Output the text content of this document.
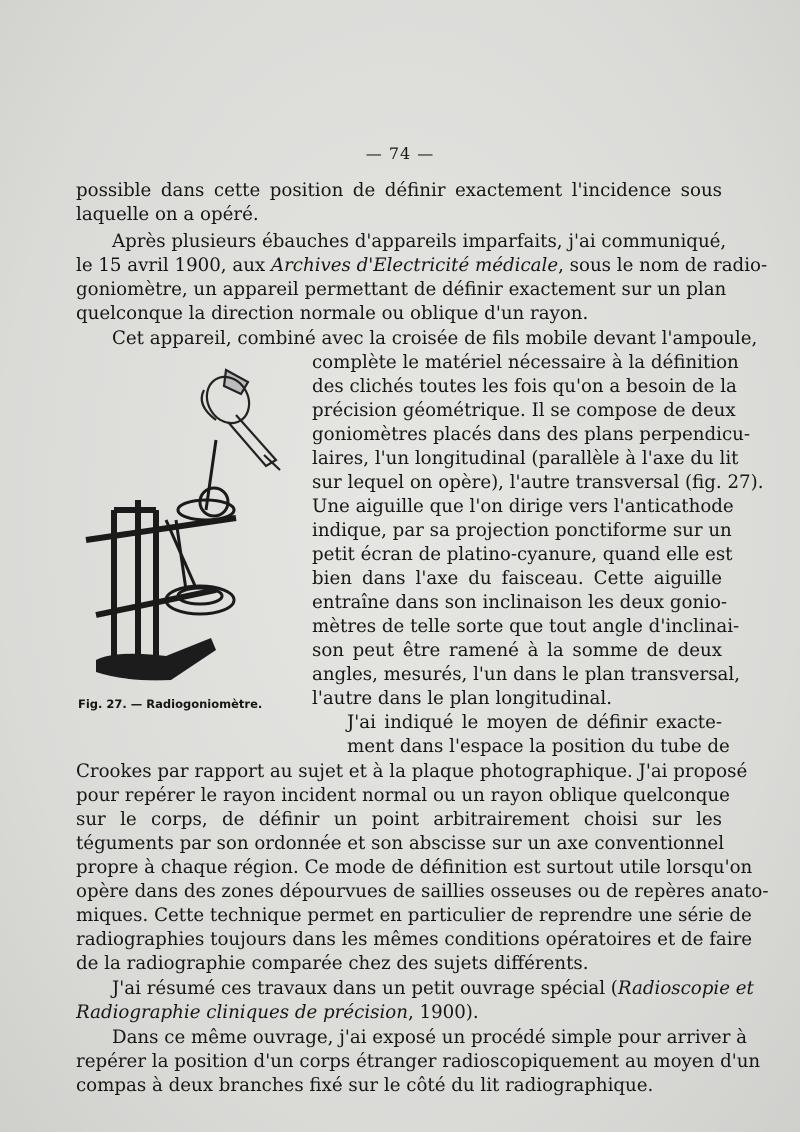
— 74 —
possible dans cette position de définir exactement l'incidence sous
laquelle on a opéré.
Après plusieurs ébauches d'appareils imparfaits, j'ai communiqué,
le 15 avril 1900, aux Archives d'Electricité médicale, sous le nom de radio-
goniomètre, un appareil permettant de définir exactement sur un plan
quelconque la direction normale ou oblique d'un rayon.
Cet appareil, combiné avec la croisée de fils mobile devant l'ampoule,
complète le matériel nécessaire à la définition
des clichés toutes les fois qu'on a besoin de la
précision géométrique. Il se compose de deux
goniomètres placés dans des plans perpendicu-
laires, l'un longitudinal (parallèle à l'axe du lit
sur lequel on opère), l'autre transversal (fig. 27).
Une aiguille que l'on dirige vers l'anticathode
indique, par sa projection ponctiforme sur un
petit écran de platino-cyanure, quand elle est
bien dans l'axe du faisceau. Cette aiguille
entraîne dans son inclinaison les deux gonio-
mètres de telle sorte que tout angle d'inclinai-
son peut être ramené à la somme de deux
angles, mesurés, l'un dans le plan transversal,
l'autre dans le plan longitudinal.
J'ai indiqué le moyen de définir exacte-
ment dans l'espace la position du tube de
Crookes par rapport au sujet et à la plaque photographique. J'ai proposé
pour repérer le rayon incident normal ou un rayon oblique quelconque
sur le corps, de définir un point arbitrairement choisi sur les
téguments par son ordonnée et son abscisse sur un axe conventionnel
propre à chaque région. Ce mode de définition est surtout utile lorsqu'on
opère dans des zones dépourvues de saillies osseuses ou de repères anato-
miques. Cette technique permet en particulier de reprendre une série de
radiographies toujours dans les mêmes conditions opératoires et de faire
de la radiographie comparée chez des sujets différents.
J'ai résumé ces travaux dans un petit ouvrage spécial (Radioscopie et
Radiographie cliniques de précision, 1900).
Dans ce même ouvrage, j'ai exposé un procédé simple pour arriver à
repérer la position d'un corps étranger radioscopiquement au moyen d'un
compas à deux branches fixé sur le côté du lit radiographique.
Fig. 27. — Radiogoniomètre.
